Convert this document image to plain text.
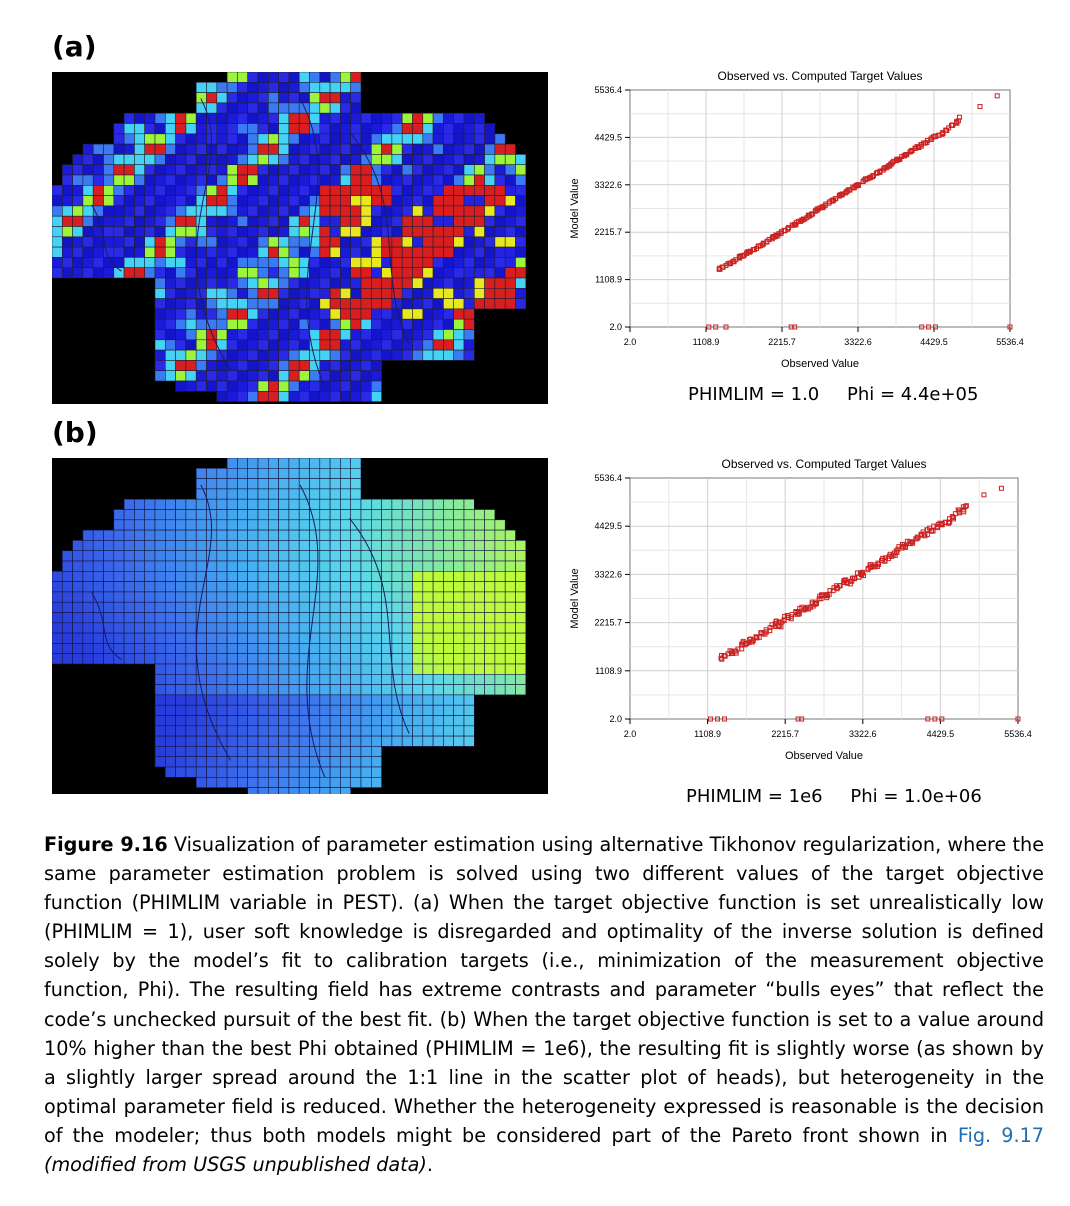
(a)
Observed vs. Computed Target Values
2.0
2.0
1108.9
1108.9
2215.7
2215.7
3322.6
3322.6
4429.5
4429.5
5536.4
5536.4
Observed Value
Model Value
PHIMLIM = 1.0 Phi = 4.4e+05
(b)
Observed vs. Computed Target Values
2.0
2.0
1108.9
1108.9
2215.7
2215.7
3322.6
3322.6
4429.5
4429.5
5536.4
5536.4
Observed Value
Model Value
PHIMLIM = 1e6 Phi = 1.0e+06
Figure 9.16 Visualization of parameter estimation using alternative Tikhonov regularization, where the same parameter estimation problem is solved using two different values of the target objective function (PHIMLIM variable in PEST). (a) When the target objective function is set unrealistically low (PHIMLIM = 1), user soft knowledge is disregarded and optimality of the inverse solution is defined solely by the model’s fit to calibration targets (i.e., minimization of the measurement objective function, Phi). The resulting field has extreme contrasts and parameter “bulls eyes” that reflect the code’s unchecked pursuit of the best fit. (b) When the target objective function is set to a value around 10% higher than the best Phi obtained (PHIMLIM = 1e6), the resulting fit is slightly worse (as shown by a slightly larger spread around the 1:1 line in the scatter plot of heads), but heterogeneity in the optimal parameter field is reduced. Whether the heterogeneity expressed is reasonable is the decision of the modeler; thus both models might be considered part of the Pareto front shown in Fig. 9.17 (modified from USGS unpublished data).
